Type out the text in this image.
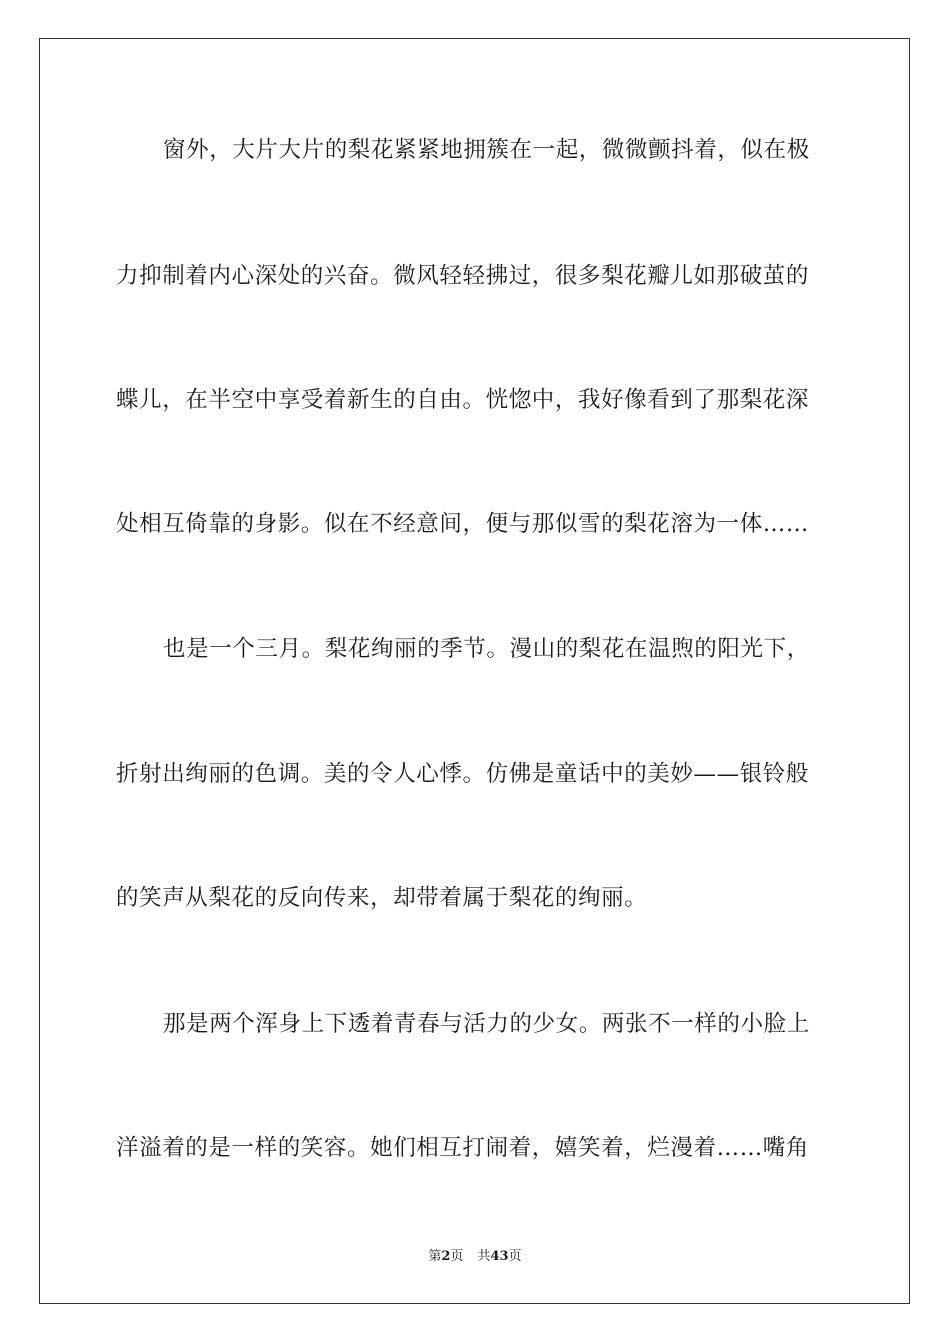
窗外，大片大片的梨花紧紧地拥簇在一起，微微颤抖着，似在极
力抑制着内心深处的兴奋。微风轻轻拂过，很多梨花瓣儿如那破茧的
蝶儿，在半空中享受着新生的自由。恍惚中，我好像看到了那梨花深
处相互倚靠的身影。似在不经意间，便与那似雪的梨花溶为一体……
也是一个三月。梨花绚丽的季节。漫山的梨花在温煦的阳光下，
折射出绚丽的色调。美的令人心悸。仿佛是童话中的美妙——银铃般
的笑声从梨花的反向传来，却带着属于梨花的绚丽。
那是两个浑身上下透着青春与活力的少女。两张不一样的小脸上
洋溢着的是一样的笑容。她们相互打闹着，嬉笑着，烂漫着……嘴角
第2页 共43页
